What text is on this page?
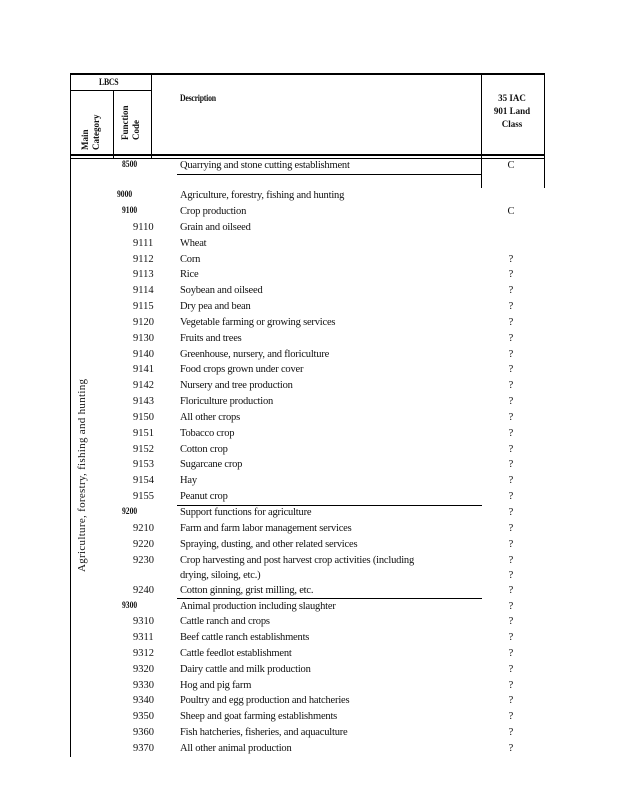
LBCS
Description	35 IAC
901 Land
Class
Main Category Function Code
Agriculture, forestry, fishing and hunting
8500	Quarrying and stone cutting establishment	C
9000	Agriculture, forestry, fishing and hunting
9100	Crop production	C
9110	Grain and oilseed
9111	Wheat
9112	Corn	?
9113	Rice	?
9114	Soybean and oilseed	?
9115	Dry pea and bean	?
9120 Vegetable farming or growing services	?
9130 Fruits and trees	?
9140 Greenhouse, nursery, and floriculture	?
9141 Food crops grown under cover	?
9142 Nursery and tree production	?
9143 Floriculture production	?
9150 All other crops	?
9151 Tobacco crop	?
9152 Cotton crop	?
9153 Sugarcane crop	?
9154 Hay	?
9155 Peanut crop	?
9200	Support functions for agriculture	?
9210 Farm and farm labor management services	?
9220 Spraying, dusting, and other related services	?
9230 Crop harvesting and post harvest crop activities (including	?
drying, siloing, etc.)	?
9240 Cotton ginning, grist milling, etc.	?
9300	Animal production including slaughter	?
9310 Cattle ranch and crops	?
9311	Beef cattle ranch establishments	?
9312 Cattle feedlot establishment	?
9320 Dairy cattle and milk production	?
9330 Hog and pig farm	?
9340 Poultry and egg production and hatcheries	?
9350 Sheep and goat farming establishments	?
9360 Fish hatcheries, fisheries, and aquaculture	?
9370 All other animal production	?
